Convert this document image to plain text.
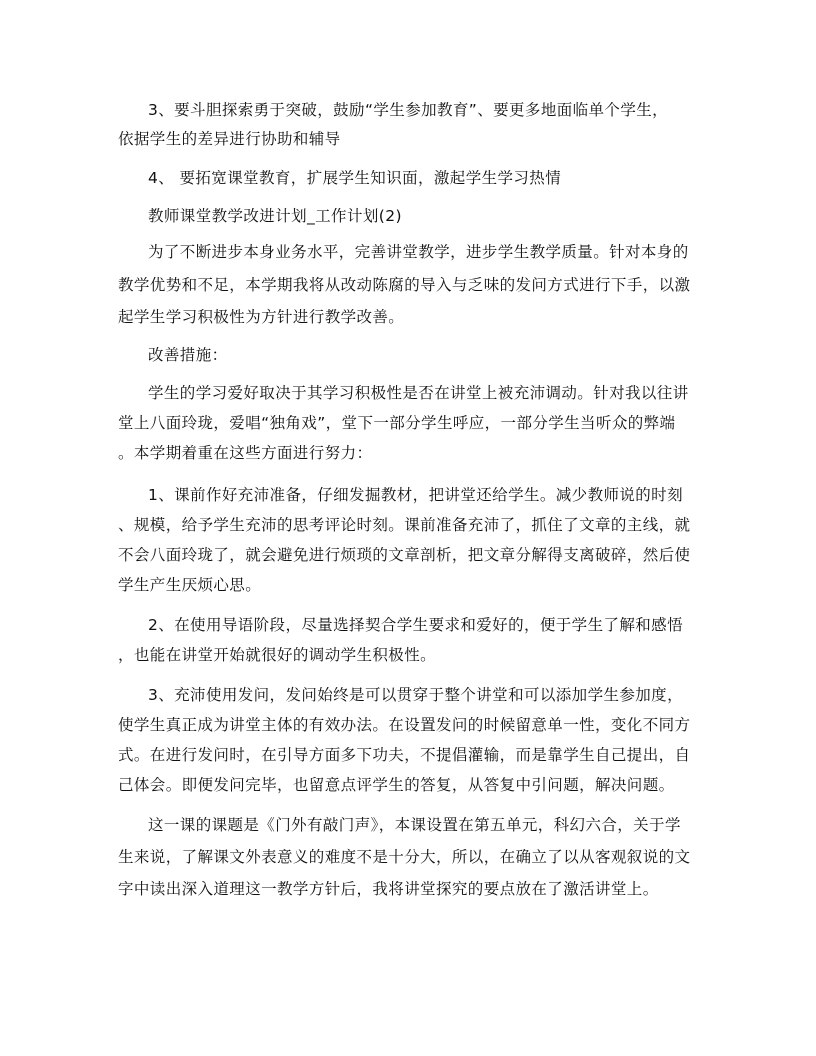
3、要斗胆探索勇于突破，鼓励“学生参加教育”、要更多地面临单个学生，
依据学生的差异进行协助和辅导
4、 要拓宽课堂教育，扩展学生知识面，激起学生学习热情
教师课堂教学改进计划_工作计划(2)
为了不断进步本身业务水平，完善讲堂教学，进步学生教学质量。针对本身的
教学优势和不足，本学期我将从改动陈腐的导入与乏味的发问方式进行下手，以激
起学生学习积极性为方针进行教学改善。
改善措施：
学生的学习爱好取决于其学习积极性是否在讲堂上被充沛调动。针对我以往讲
堂上八面玲珑，爱唱“独角戏”，堂下一部分学生呼应，一部分学生当听众的弊端
。本学期着重在这些方面进行努力：
1、课前作好充沛准备，仔细发掘教材，把讲堂还给学生。减少教师说的时刻
、规模，给予学生充沛的思考评论时刻。课前准备充沛了，抓住了文章的主线，就
不会八面玲珑了，就会避免进行烦琐的文章剖析，把文章分解得支离破碎，然后使
学生产生厌烦心思。
2、在使用导语阶段，尽量选择契合学生要求和爱好的，便于学生了解和感悟
，也能在讲堂开始就很好的调动学生积极性。
3、充沛使用发问，发问始终是可以贯穿于整个讲堂和可以添加学生参加度，
使学生真正成为讲堂主体的有效办法。在设置发问的时候留意单一性，变化不同方
式。在进行发问时，在引导方面多下功夫，不提倡灌输，而是靠学生自己提出，自
己体会。即便发问完毕，也留意点评学生的答复，从答复中引问题，解决问题。
这一课的课题是《门外有敲门声》，本课设置在第五单元，科幻六合，关于学
生来说，了解课文外表意义的难度不是十分大，所以，在确立了以从客观叙说的文
字中读出深入道理这一教学方针后，我将讲堂探究的要点放在了激活讲堂上。
